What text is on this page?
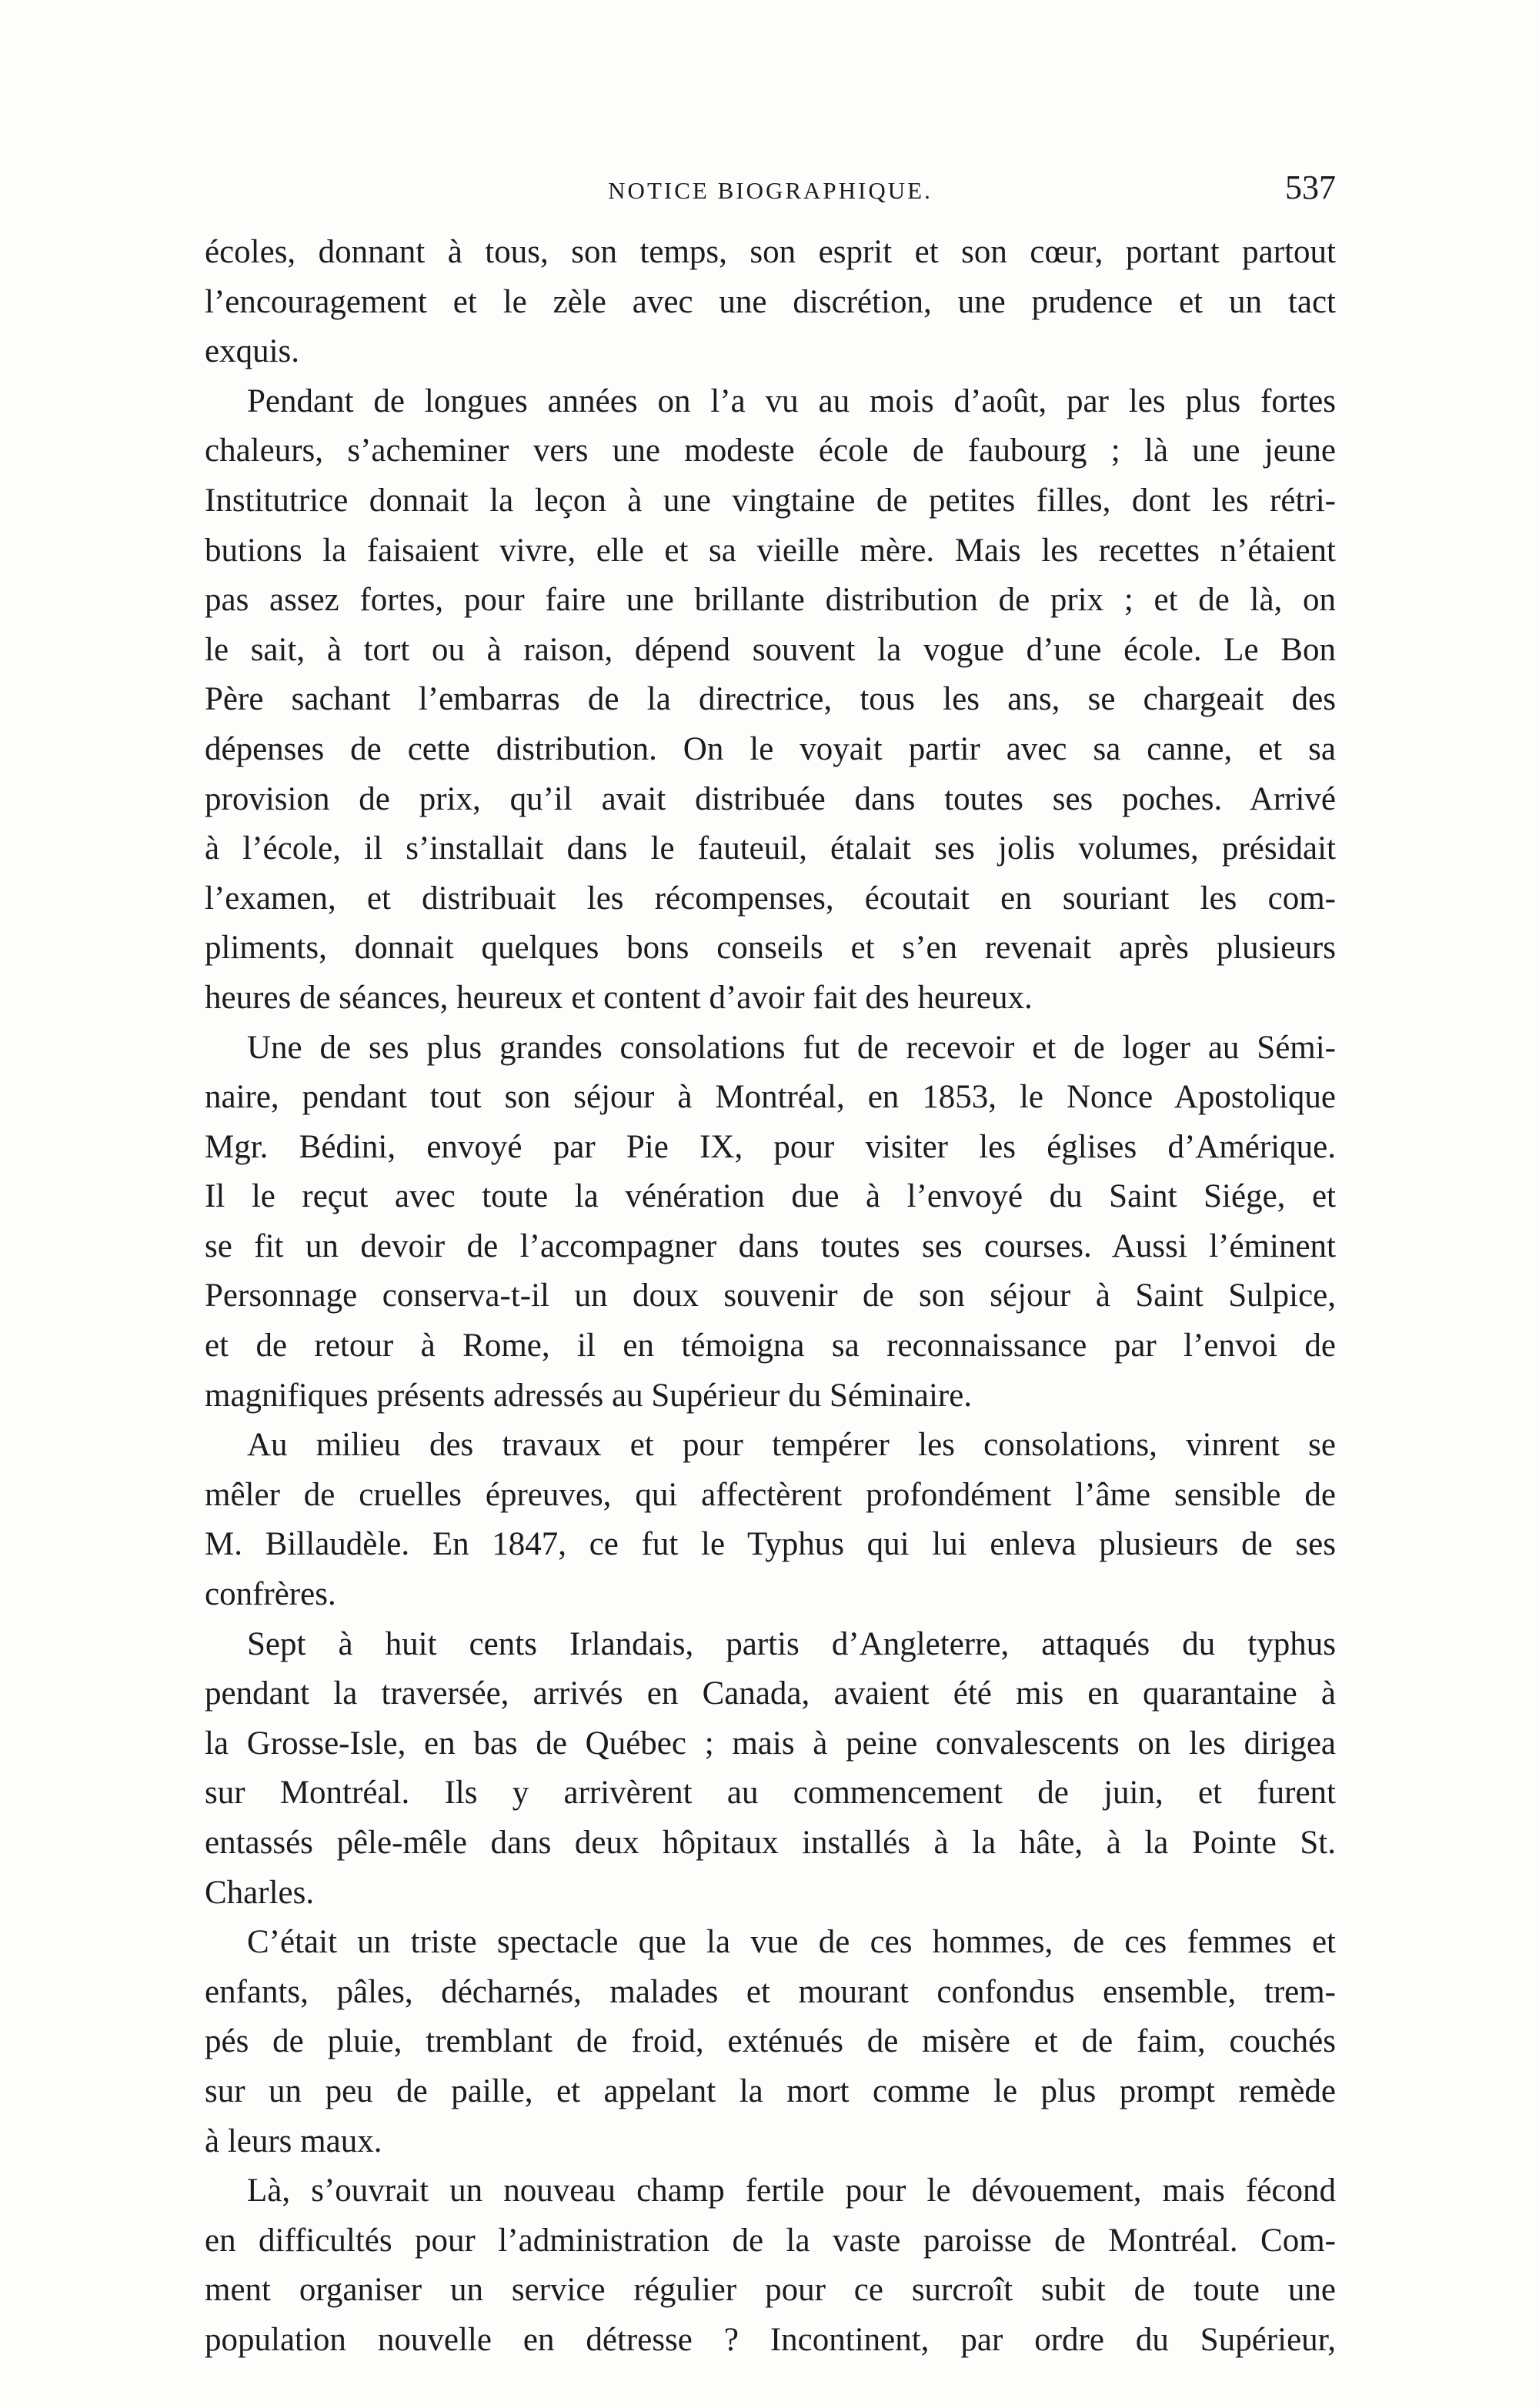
NOTICE BIOGRAPHIQUE.	537
écoles, donnant à tous, son temps, son esprit et son cœur, portant partout
l’encouragement et le zèle avec une discrétion, une prudence et un tact
exquis.
Pendant de longues années on l’a vu au mois d’août, par les plus fortes
chaleurs, s’acheminer vers une modeste école de faubourg ; là une jeune
Institutrice donnait la leçon à une vingtaine de petites filles, dont les rétri-
butions la faisaient vivre, elle et sa vieille mère. Mais les recettes n’étaient
pas assez fortes, pour faire une brillante distribution de prix ; et de là, on
le sait, à tort ou à raison, dépend souvent la vogue d’une école. Le Bon
Père sachant l’embarras de la directrice, tous les ans, se chargeait des
dépenses de cette distribution. On le voyait partir avec sa canne, et sa
provision de prix, qu’il avait distribuée dans toutes ses poches. Arrivé
à l’école, il s’installait dans le fauteuil, étalait ses jolis volumes, présidait
l’examen, et distribuait les récompenses, écoutait en souriant les com-
pliments, donnait quelques bons conseils et s’en revenait après plusieurs
heures de séances, heureux et content d’avoir fait des heureux.
Une de ses plus grandes consolations fut de recevoir et de loger au Sémi-
naire, pendant tout son séjour à Montréal, en 1853, le Nonce Apostolique
Mgr. Bédini, envoyé par Pie IX, pour visiter les églises d’Amérique.
Il le reçut avec toute la vénération due à l’envoyé du Saint Siége, et
se fit un devoir de l’accompagner dans toutes ses courses. Aussi l’éminent
Personnage conserva-t-il un doux souvenir de son séjour à Saint Sulpice,
et de retour à Rome, il en témoigna sa reconnaissance par l’envoi de
magnifiques présents adressés au Supérieur du Séminaire.
Au milieu des travaux et pour tempérer les consolations, vinrent se
mêler de cruelles épreuves, qui affectèrent profondément l’âme sensible de
M. Billaudèle. En 1847, ce fut le Typhus qui lui enleva plusieurs de ses
confrères.
Sept à huit cents Irlandais, partis d’Angleterre, attaqués du typhus
pendant la traversée, arrivés en Canada, avaient été mis en quarantaine à
la Grosse-Isle, en bas de Québec ; mais à peine convalescents on les dirigea
sur Montréal. Ils y arrivèrent au commencement de juin, et furent
entassés pêle-mêle dans deux hôpitaux installés à la hâte, à la Pointe St.
Charles.
C’était un triste spectacle que la vue de ces hommes, de ces femmes et
enfants, pâles, décharnés, malades et mourant confondus ensemble, trem-
pés de pluie, tremblant de froid, exténués de misère et de faim, couchés
sur un peu de paille, et appelant la mort comme le plus prompt remède
à leurs maux.
Là, s’ouvrait un nouveau champ fertile pour le dévouement, mais fécond
en difficultés pour l’administration de la vaste paroisse de Montréal. Com-
ment organiser un service régulier pour ce surcroît subit de toute une
population nouvelle en détresse ? Incontinent, par ordre du Supérieur,
